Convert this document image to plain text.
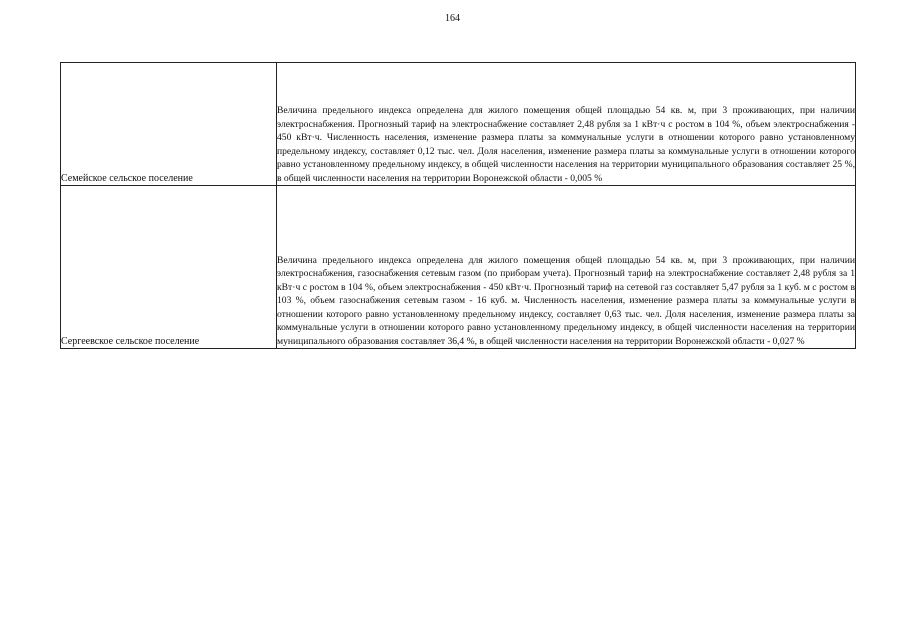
164
Семейское сельское поселение	Величина предельного индекса определена для жилого помещения общей площадью 54 кв. м, при 3 проживающих, при наличии электроснабжения. Прогнозный тариф на электроснабжение составляет 2,48 рубля за 1 кВт·ч с ростом в 104 %, объем электроснабжения - 450 кВт·ч. Численность населения, изменение размера платы за коммунальные услуги в отношении которого равно установленному предельному индексу, составляет 0,12 тыс. чел. Доля населения, изменение размера платы за коммунальные услуги в отношении которого равно установленному предельному индексу, в общей численности населения на территории муниципального образования составляет 25 %, в общей численности населения на территории Воронежской области - 0,005 %
Сергеевское сельское поселение	Величина предельного индекса определена для жилого помещения общей площадью 54 кв. м, при 3 проживающих, при наличии электроснабжения, газоснабжения сетевым газом (по приборам учета). Прогнозный тариф на электроснабжение составляет 2,48 рубля за 1 кВт·ч с ростом в 104 %, объем электроснабжения - 450 кВт·ч. Прогнозный тариф на сетевой газ составляет 5,47 рубля за 1 куб. м с ростом в 103 %, объем газоснабжения сетевым газом - 16 куб. м. Численность населения, изменение размера платы за коммунальные услуги в отношении которого равно установленному предельному индексу, составляет 0,63 тыс. чел. Доля населения, изменение размера платы за коммунальные услуги в отношении которого равно установленному предельному индексу, в общей численности населения на территории муниципального образования составляет 36,4 %, в общей численности населения на территории Воронежской области - 0,027 %
